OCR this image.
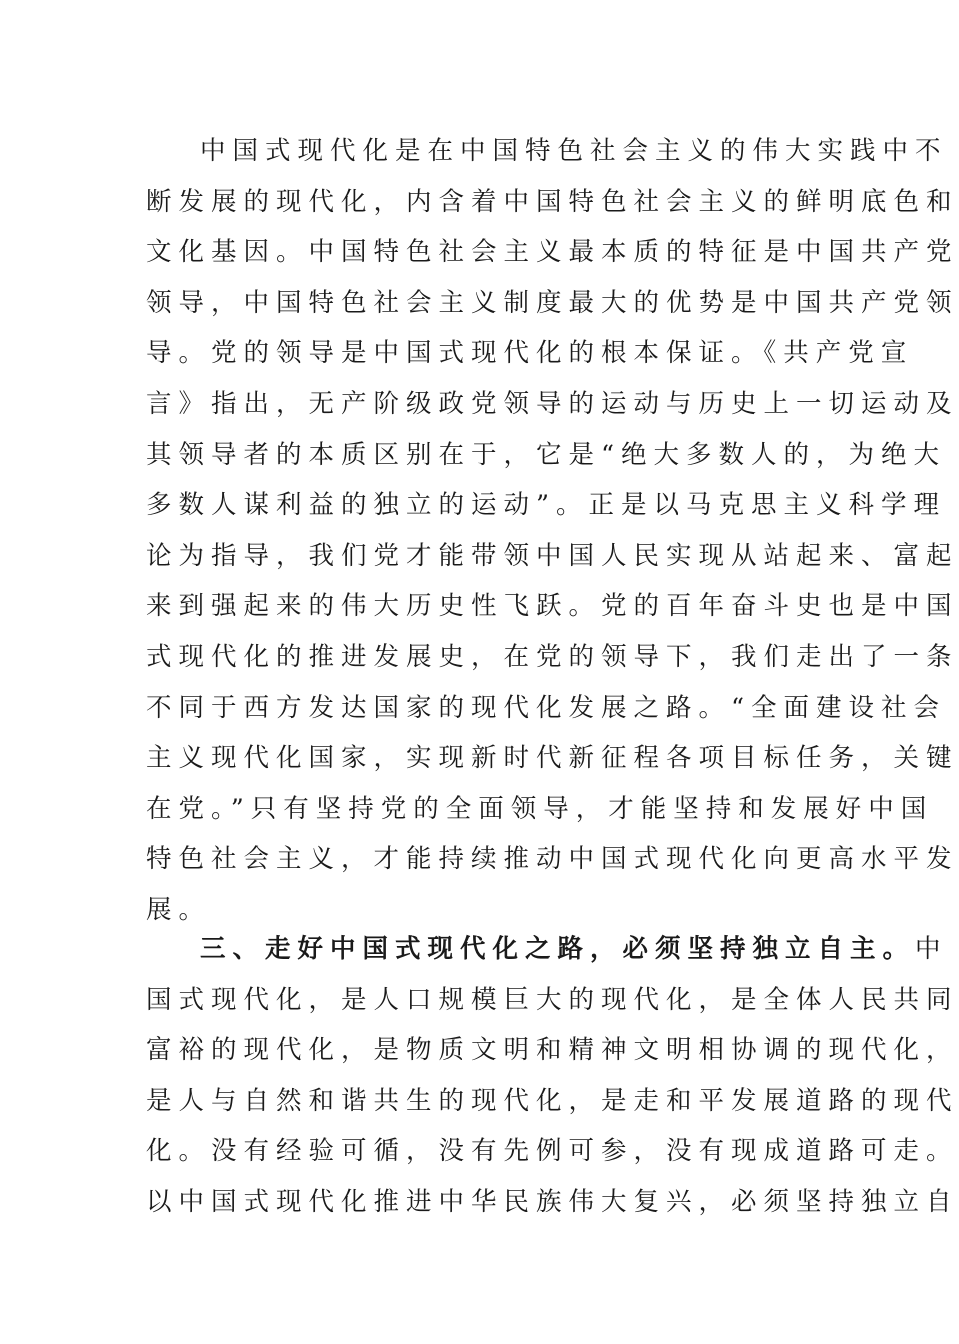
中国式现代化是在中国特色社会主义的伟大实践中不
断发展的现代化，内含着中国特色社会主义的鲜明底色和
文化基因。中国特色社会主义最本质的特征是中国共产党
领导，中国特色社会主义制度最大的优势是中国共产党领
导。党的领导是中国式现代化的根本保证。《共产党宣
言》指出，无产阶级政党领导的运动与历史上一切运动及
其领导者的本质区别在于，它是“绝大多数人的，为绝大
多数人谋利益的独立的运动”。正是以马克思主义科学理
论为指导，我们党才能带领中国人民实现从站起来、富起
来到强起来的伟大历史性飞跃。党的百年奋斗史也是中国
式现代化的推进发展史，在党的领导下，我们走出了一条
不同于西方发达国家的现代化发展之路。“全面建设社会
主义现代化国家，实现新时代新征程各项目标任务，关键
在党。”只有坚持党的全面领导，才能坚持和发展好中国
特色社会主义，才能持续推动中国式现代化向更高水平发
展。
三、走好中国式现代化之路，必须坚持独立自主。中
国式现代化，是人口规模巨大的现代化，是全体人民共同
富裕的现代化，是物质文明和精神文明相协调的现代化，
是人与自然和谐共生的现代化，是走和平发展道路的现代
化。没有经验可循，没有先例可参，没有现成道路可走。
以中国式现代化推进中华民族伟大复兴，必须坚持独立自
